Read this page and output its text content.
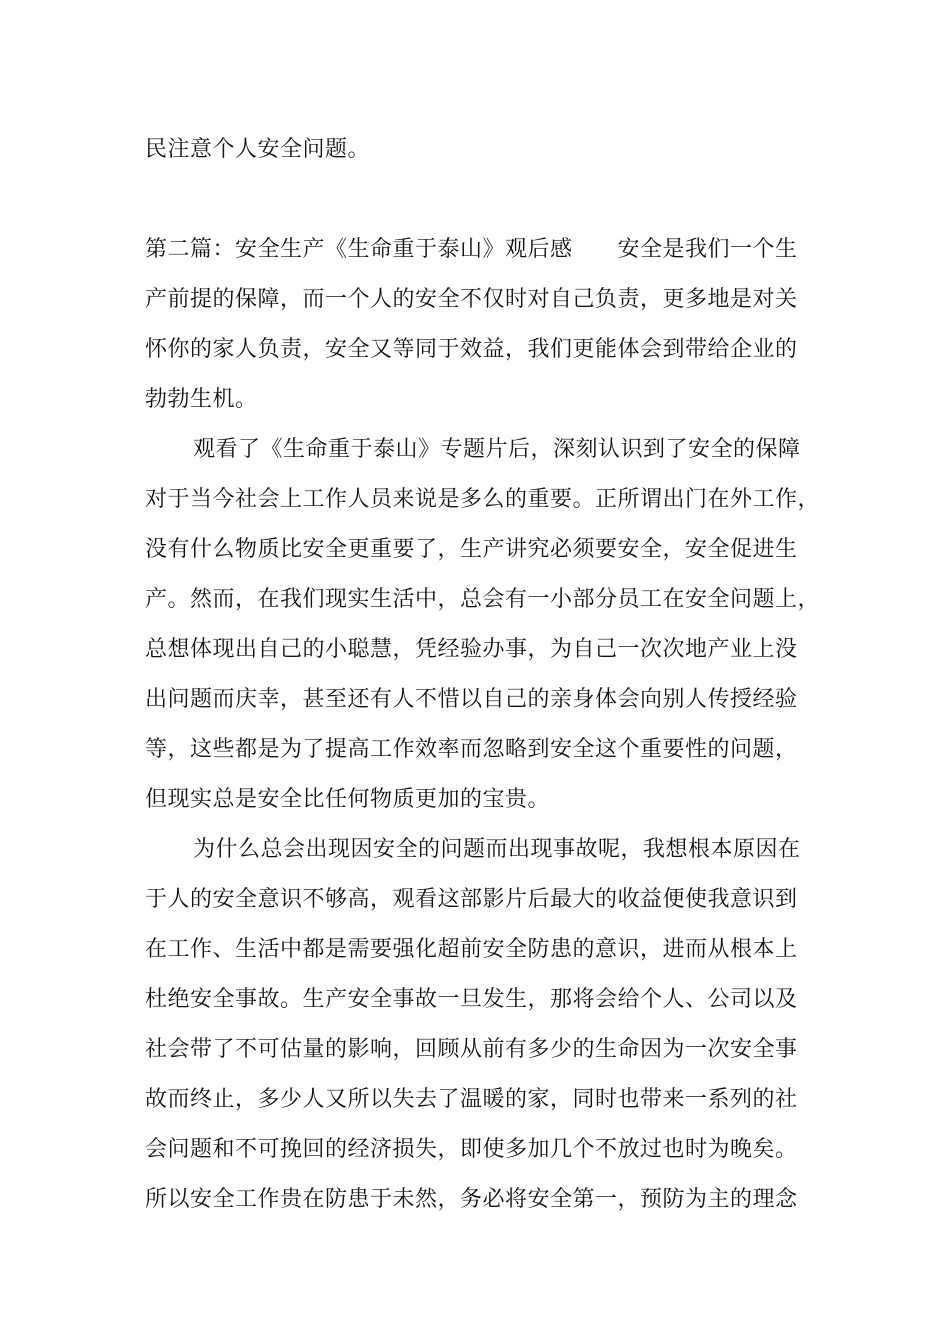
民注意个人安全问题。
第二篇：安全生产《生命重于泰山》观后感　　安全是我们一个生
产前提的保障，而一个人的安全不仅时对自己负责，更多地是对关
怀你的家人负责，安全又等同于效益，我们更能体会到带给企业的
勃勃生机。
观看了《生命重于泰山》专题片后，深刻认识到了安全的保障
对于当今社会上工作人员来说是多么的重要。正所谓出门在外工作，
没有什么物质比安全更重要了，生产讲究必须要安全，安全促进生
产。然而，在我们现实生活中，总会有一小部分员工在安全问题上，
总想体现出自己的小聪慧，凭经验办事，为自己一次次地产业上没
出问题而庆幸，甚至还有人不惜以自己的亲身体会向别人传授经验
等，这些都是为了提高工作效率而忽略到安全这个重要性的问题，
但现实总是安全比任何物质更加的宝贵。
为什么总会出现因安全的问题而出现事故呢，我想根本原因在
于人的安全意识不够高，观看这部影片后最大的收益便使我意识到
在工作、生活中都是需要强化超前安全防患的意识，进而从根本上
杜绝安全事故。生产安全事故一旦发生，那将会给个人、公司以及
社会带了不可估量的影响，回顾从前有多少的生命因为一次安全事
故而终止，多少人又所以失去了温暖的家，同时也带来一系列的社
会问题和不可挽回的经济损失，即使多加几个不放过也时为晚矣。
所以安全工作贵在防患于未然，务必将安全第一，预防为主的理念
